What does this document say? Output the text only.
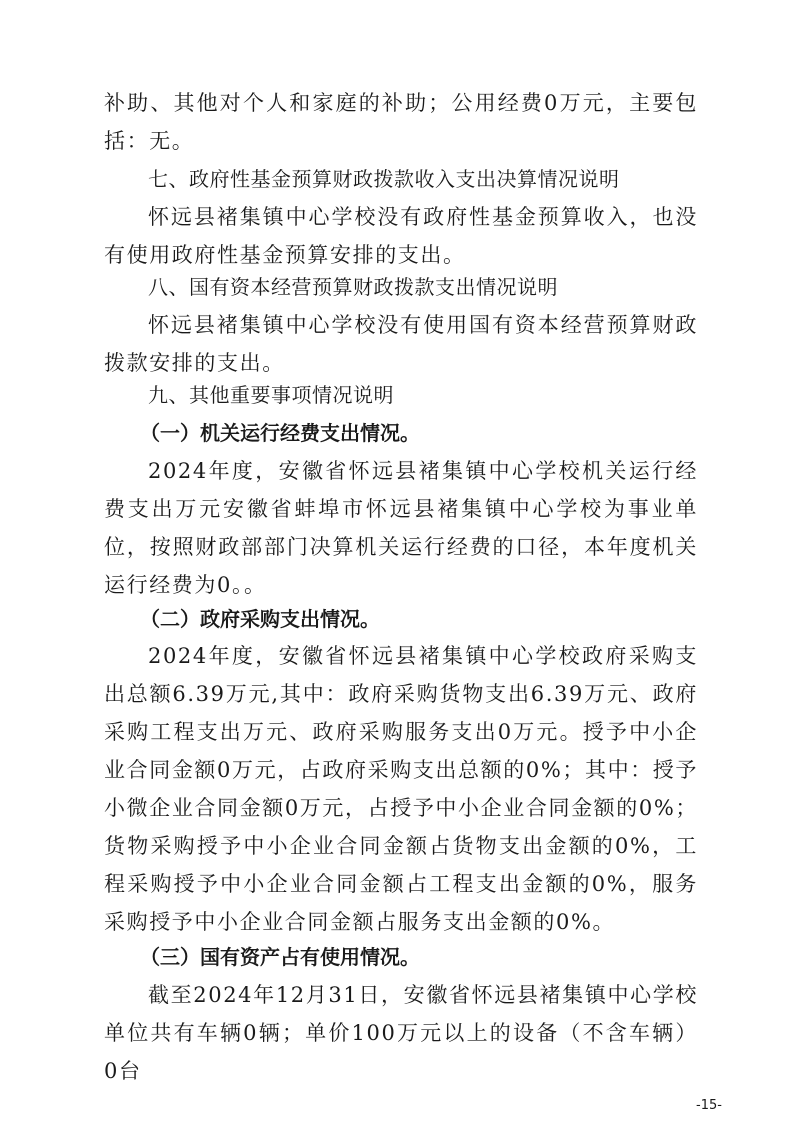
补助、其他对个人和家庭的补助；公用经费0万元，主要包括：无。

七、政府性基金预算财政拨款收入支出决算情况说明

怀远县褚集镇中心学校没有政府性基金预算收入，也没有使用政府性基金预算安排的支出。

八、国有资本经营预算财政拨款支出情况说明

怀远县褚集镇中心学校没有使用国有资本经营预算财政拨款安排的支出。

九、其他重要事项情况说明
（一）机关运行经费支出情况。

2024年度，安徽省怀远县褚集镇中心学校机关运行经费支出万元安徽省蚌埠市怀远县褚集镇中心学校为事业单位，按照财政部部门决算机关运行经费的口径，本年度机关运行经费为0。。

（二）政府采购支出情况。

2024年度，安徽省怀远县褚集镇中心学校政府采购支出总额6.39万元,其中：政府采购货物支出6.39万元、政府采购工程支出万元、政府采购服务支出0万元。授予中小企业合同金额0万元，占政府采购支出总额的0%；其中：授予小微企业合同金额0万元，占授予中小企业合同金额的0%；货物采购授予中小企业合同金额占货物支出金额的0%，工程采购授予中小企业合同金额占工程支出金额的0%，服务采购授予中小企业合同金额占服务支出金额的0%。

（三）国有资产占有使用情况。

截至2024年12月31日，安徽省怀远县褚集镇中心学校单位共有车辆0辆；单价100万元以上的设备（不含车辆）0台

-15-
